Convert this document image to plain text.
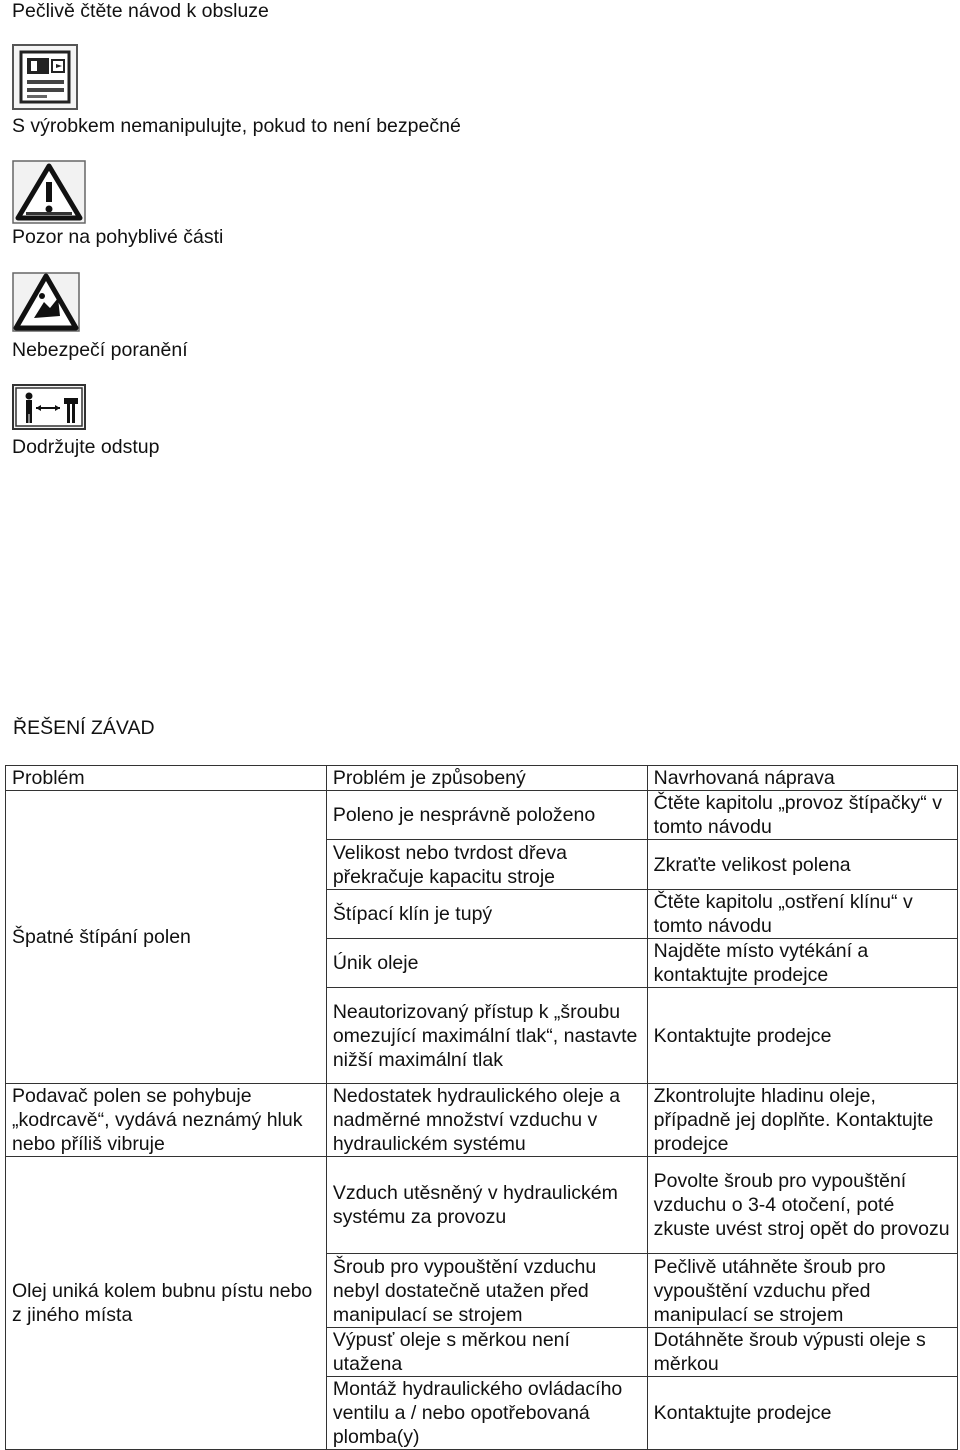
Pečlivě čtěte návod k obsluze
S výrobkem nemanipulujte, pokud to není bezpečné
Pozor na pohyblivé části
Nebezpečí poranění
Dodržujte odstup
ŘEŠENÍ ZÁVAD
Problém	Problém je způsobený	Navrhovaná náprava
Špatné štípání polen	Poleno je nesprávně položeno	Čtěte kapitolu „provoz štípačky“ v tomto návodu
	Velikost nebo tvrdost dřeva překračuje kapacitu stroje	Zkraťte velikost polena
	Štípací klín je tupý	Čtěte kapitolu „ostření klínu“ v tomto návodu
	Únik oleje	Najděte místo vytékání a kontaktujte prodejce
	Neautorizovaný přístup k „šroubu omezující maximální tlak“, nastavte nižší maximální tlak	Kontaktujte prodejce
Podavač polen se pohybuje „kodrcavě“, vydává neznámý hluk nebo příliš vibruje	Nedostatek hydraulického oleje a nadměrné množství vzduchu v hydraulickém systému	Zkontrolujte hladinu oleje, případně jej doplňte. Kontaktujte prodejce
Olej uniká kolem bubnu pístu nebo z jiného místa	Vzduch utěsněný v hydraulickém systému za provozu	Povolte šroub pro vypouštění vzduchu o 3-4 otočení, poté zkuste uvést stroj opět do provozu
	Šroub pro vypouštění vzduchu nebyl dostatečně utažen před manipulací se strojem	Pečlivě utáhněte šroub pro vypouštění vzduchu před manipulací se strojem
	Výpusť oleje s měrkou není utažena	Dotáhněte šroub výpusti oleje s měrkou
	Montáž hydraulického ovládacího ventilu a / nebo opotřebovaná plomba(y)	Kontaktujte prodejce
